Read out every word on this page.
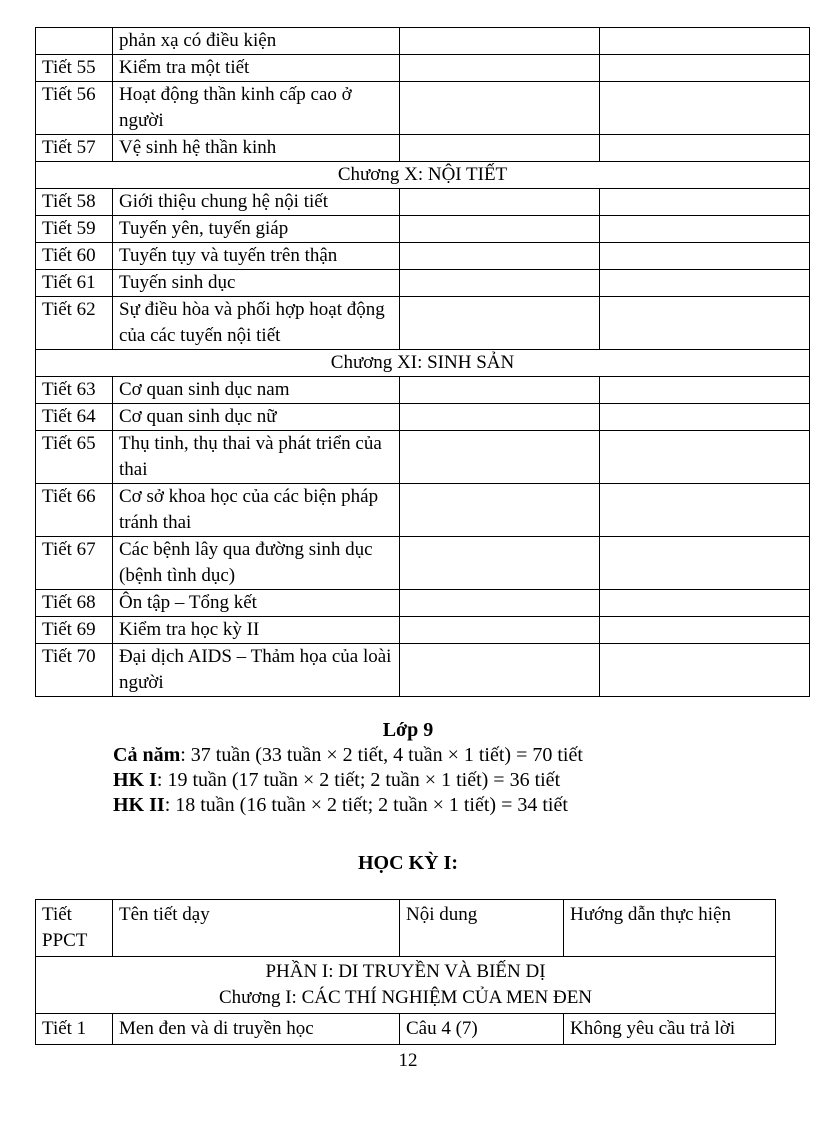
	phản xạ có điều kiện		
Tiết 55	Kiểm tra một tiết		
Tiết 56	Hoạt động thần kinh cấp cao ở người		
Tiết 57	Vệ sinh hệ thần kinh		
Chương X: NỘI TIẾT			
Tiết 58	Giới thiệu chung hệ nội tiết		
Tiết 59	Tuyến yên, tuyến giáp		
Tiết 60	Tuyến tụy và tuyến trên thận		
Tiết 61	Tuyến sinh dục		
Tiết 62	Sự điều hòa và phối hợp hoạt động của các tuyến nội tiết		
Chương XI: SINH SẢN			
Tiết 63	Cơ quan sinh dục nam		
Tiết 64	Cơ quan sinh dục nữ		
Tiết 65	Thụ tinh, thụ thai và phát triển của thai		
Tiết 66	Cơ sở khoa học của các biện pháp tránh thai		
Tiết 67	Các bệnh lây qua đường sinh dục (bệnh tình dục)		
Tiết 68	Ôn tập – Tổng kết		
Tiết 69	Kiểm tra học kỳ II		
Tiết 70	Đại dịch AIDS – Thảm họa của loài người		
Lớp 9
Cả năm: 37 tuần (33 tuần × 2 tiết, 4 tuần × 1 tiết) = 70 tiết
HK I: 19 tuần (17 tuần × 2 tiết; 2 tuần × 1 tiết) = 36 tiết
HK II: 18 tuần (16 tuần × 2 tiết; 2 tuần × 1 tiết) = 34 tiết
HỌC KỲ I:
Tiết PPCT	Tên tiết dạy	Nội dung	Hướng dẫn thực hiện

PHẦN I: DI TRUYỀN VÀ BIẾN DỊ
Chương I: CÁC THÍ NGHIỆM CỦA MEN ĐEN			

Tiết 1	Men đen và di truyền học	Câu 4 (7)	Không yêu cầu trả lời
12
